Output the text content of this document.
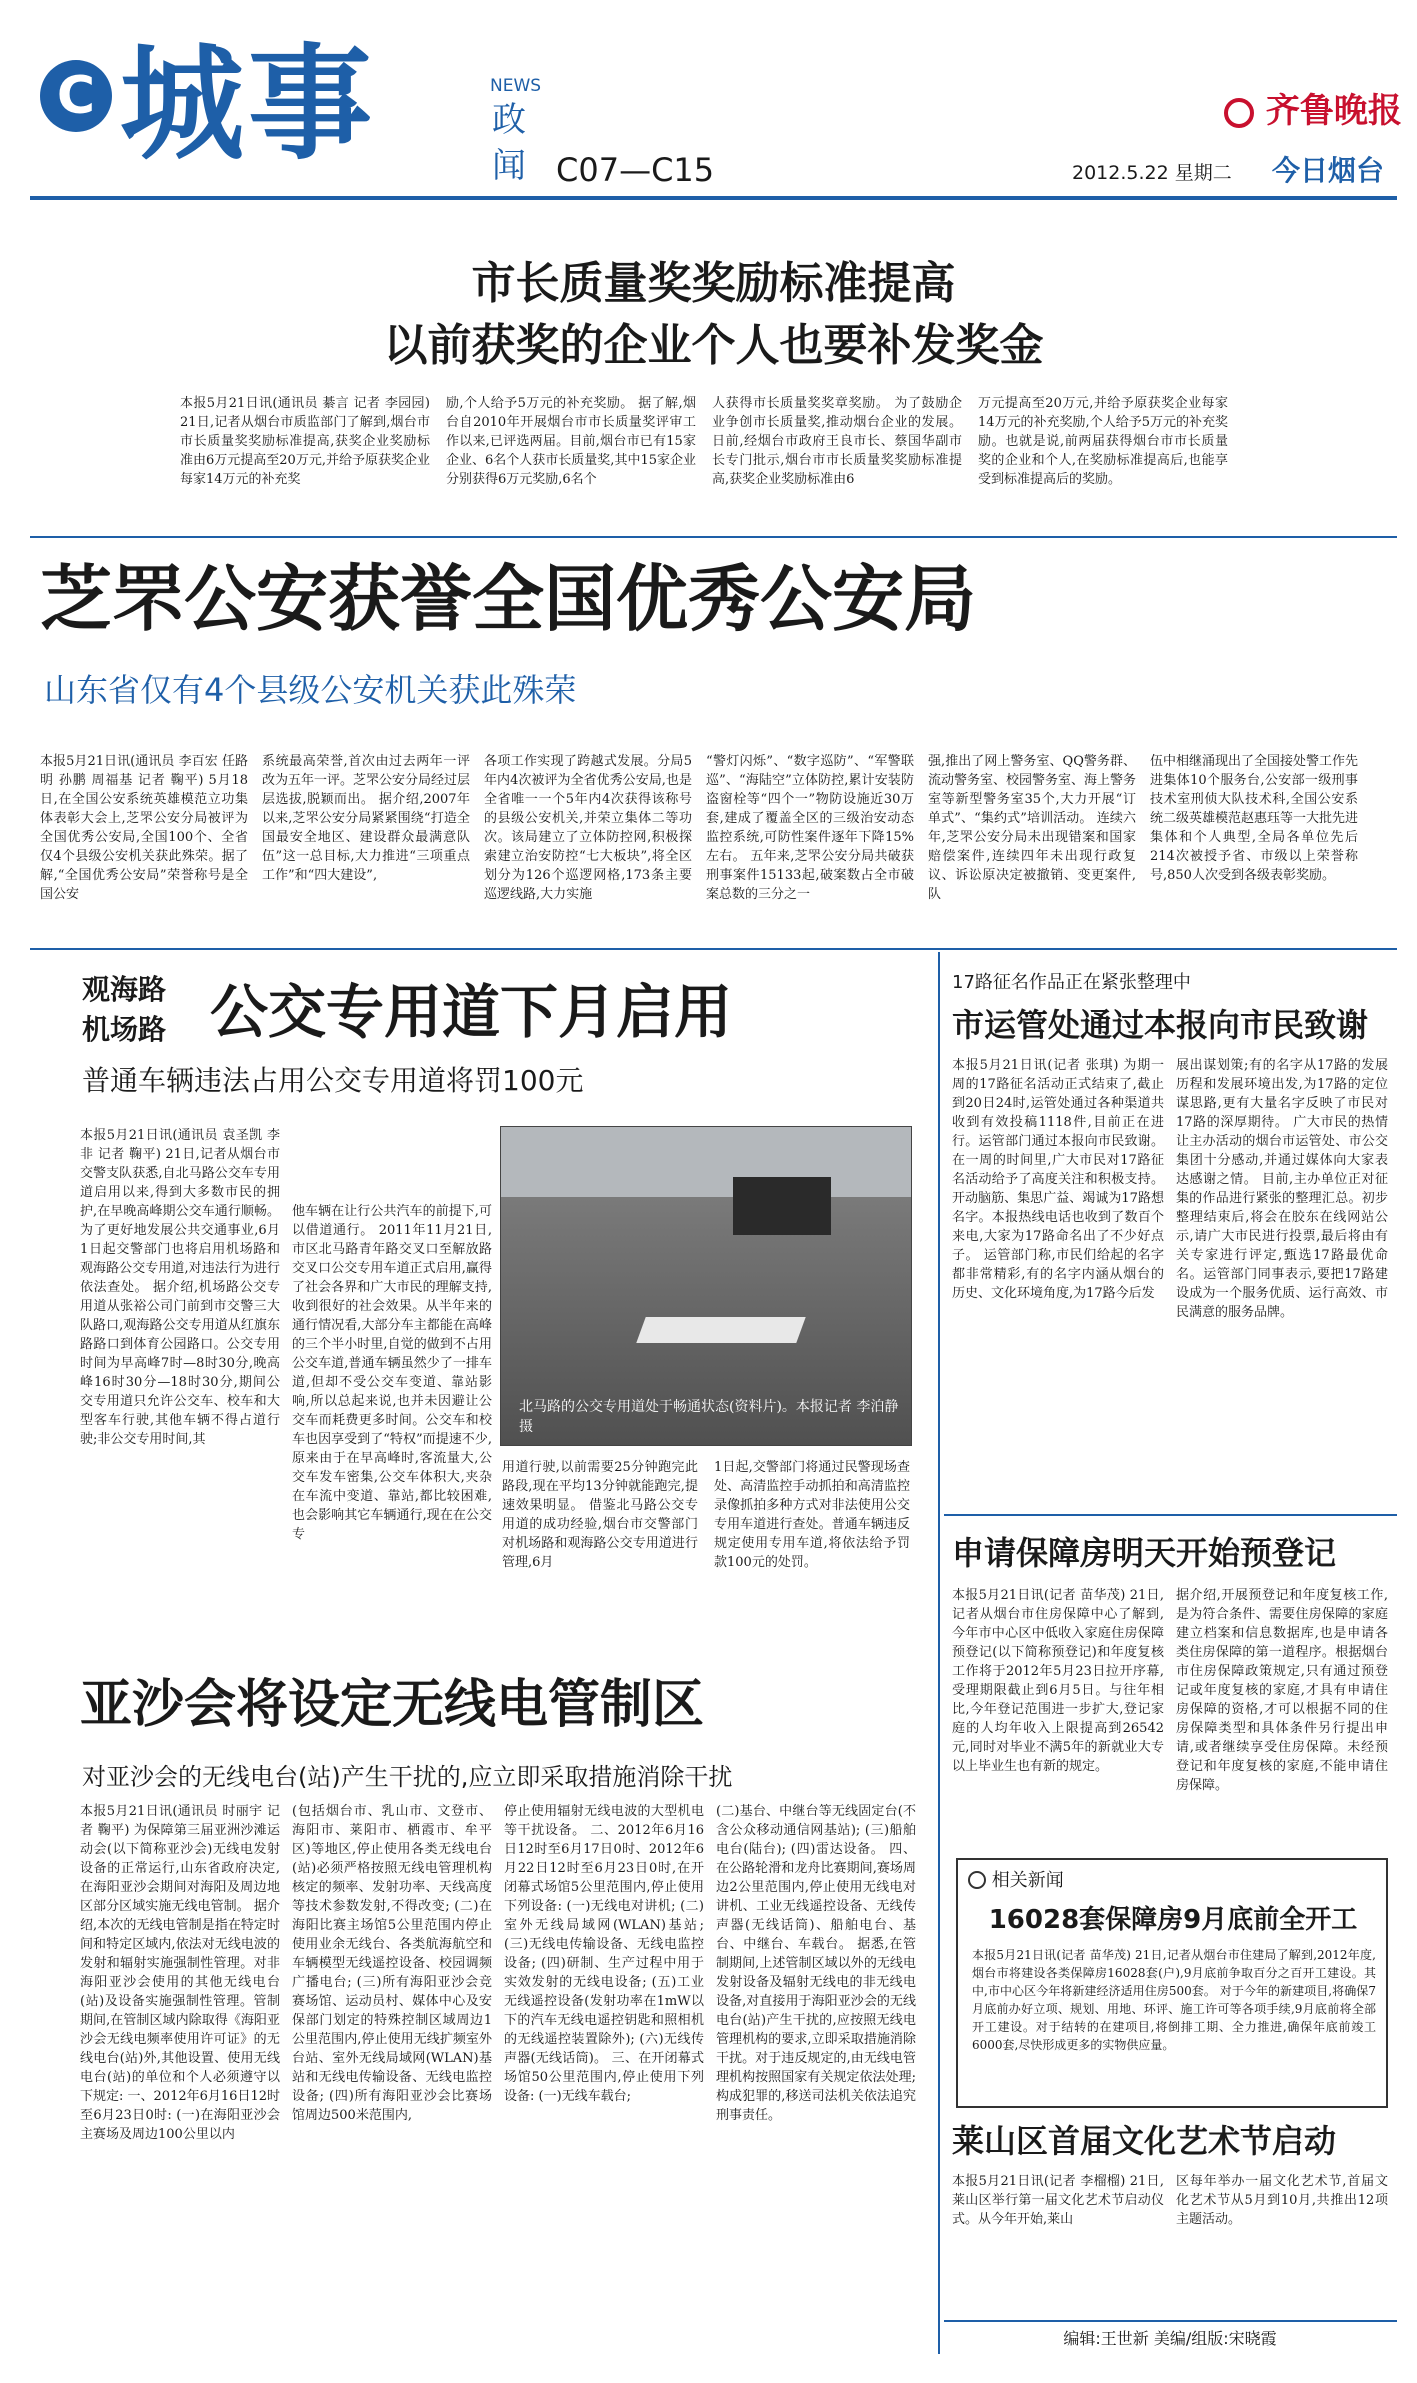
C 城事	NEWS
政
闻 C07—C15
齐鲁晚报
2012.5.22 星期二	今日烟台
市长质量奖奖励标准提高
以前获奖的企业个人也要补发奖金
本报5月21日讯(通讯员 綦言 记者 李园园) 21日,记者从烟台市质监部门了解到,烟台市市长质量奖奖励标准提高,获奖企业奖励标准由6万元提高至20万元,并给予原获奖企业每家14万元的补充奖
励,个人给予5万元的补充奖励。 据了解,烟台自2010年开展烟台市市长质量奖评审工作以来,已评选两届。目前,烟台市已有15家企业、6名个人获市长质量奖,其中15家企业分别获得6万元奖励,6名个
人获得市长质量奖奖章奖励。 为了鼓励企业争创市长质量奖,推动烟台企业的发展。日前,经烟台市政府王良市长、蔡国华副市长专门批示,烟台市市长质量奖奖励标准提高,获奖企业奖励标准由6
万元提高至20万元,并给予原获奖企业每家14万元的补充奖励,个人给予5万元的补充奖励。也就是说,前两届获得烟台市市长质量奖的企业和个人,在奖励标准提高后,也能享受到标准提高后的奖励。
芝罘公安获誉全国优秀公安局
山东省仅有4个县级公安机关获此殊荣
本报5月21日讯(通讯员 李百宏 任路明 孙鹏 周福基 记者 鞠平) 5月18日,在全国公安系统英雄模范立功集体表彰大会上,芝罘公安分局被评为全国优秀公安局,全国100个、全省仅4个县级公安机关获此殊荣。据了解,“全国优秀公安局”荣誉称号是全国公安
系统最高荣誉,首次由过去两年一评改为五年一评。芝罘公安分局经过层层选拔,脱颖而出。 据介绍,2007年以来,芝罘公安分局紧紧围绕“打造全国最安全地区、建设群众最满意队伍”这一总目标,大力推进“三项重点工作”和“四大建设”,
各项工作实现了跨越式发展。分局5年内4次被评为全省优秀公安局,也是全省唯一一个5年内4次获得该称号的县级公安机关,并荣立集体二等功次。该局建立了立体防控网,积极探索建立治安防控“七大板块”,将全区划分为126个巡逻网格,173条主要巡逻线路,大力实施
“警灯闪烁”、“数字巡防”、“军警联巡”、“海陆空”立体防控,累计安装防盗窗栓等“四个一”物防设施近30万套,建成了覆盖全区的三级治安动态监控系统,可防性案件逐年下降15%左右。 五年来,芝罘公安分局共破获刑事案件15133起,破案数占全市破案总数的三分之一
强,推出了网上警务室、QQ警务群、流动警务室、校园警务室、海上警务室等新型警务室35个,大力开展“订单式”、“集约式”培训活动。 连续六年,芝罘公安分局未出现错案和国家赔偿案件,连续四年未出现行政复议、诉讼原决定被撤销、变更案件,队
伍中相继涌现出了全国接处警工作先进集体10个服务台,公安部一级刑事技术室刑侦大队技术科,全国公安系统二级英雄模范赵惠珏等一大批先进集体和个人典型,全局各单位先后214次被授予省、市级以上荣誉称号,850人次受到各级表彰奖励。
观海路
机场路 公交专用道下月启用
普通车辆违法占用公交专用道将罚100元
本报5月21日讯(通讯员 袁圣凯 李非 记者 鞠平) 21日,记者从烟台市交警支队获悉,自北马路公交车专用道启用以来,得到大多数市民的拥护,在早晚高峰期公交车通行顺畅。为了更好地发展公共交通事业,6月1日起交警部门也将启用机场路和观海路公交专用道,对违法行为进行依法查处。 据介绍,机场路公交专用道从张裕公司门前到市交警三大队路口,观海路公交专用道从红旗东路路口到体育公园路口。公交专用时间为早高峰7时—8时30分,晚高峰16时30分—18时30分,期间公交专用道只允许公交车、校车和大型客车行驶,其他车辆不得占道行驶;非公交专用时间,其
他车辆在让行公共汽车的前提下,可以借道通行。 2011年11月21日,市区北马路青年路交叉口至解放路交叉口公交专用车道正式启用,赢得了社会各界和广大市民的理解支持,收到很好的社会效果。从半年来的通行情况看,大部分车主都能在高峰的三个半小时里,自觉的做到不占用公交车道,普通车辆虽然少了一排车道,但却不受公交车变道、靠站影响,所以总起来说,也并未因避让公交车而耗费更多时间。公交车和校车也因享受到了“特权”而提速不少,原来由于在早高峰时,客流量大,公交车发车密集,公交车体积大,夹杂在车流中变道、靠站,都比较困难,也会影响其它车辆通行,现在在公交专
北马路的公交专用道处于畅通状态(资料片)。本报记者 李泊静 摄
用道行驶,以前需要25分钟跑完此路段,现在平均13分钟就能跑完,提速效果明显。 借鉴北马路公交专用道的成功经验,烟台市交警部门对机场路和观海路公交专用道进行管理,6月
1日起,交警部门将通过民警现场查处、高清监控手动抓拍和高清监控录像抓拍多种方式对非法使用公交专用车道进行查处。普通车辆违反规定使用专用车道,将依法给予罚款100元的处罚。
亚沙会将设定无线电管制区
对亚沙会的无线电台(站)产生干扰的,应立即采取措施消除干扰
本报5月21日讯(通讯员 时丽宇 记者 鞠平) 为保障第三届亚洲沙滩运动会(以下简称亚沙会)无线电发射设备的正常运行,山东省政府决定,在海阳亚沙会期间对海阳及周边地区部分区域实施无线电管制。 据介绍,本次的无线电管制是指在特定时间和特定区域内,依法对无线电波的发射和辐射实施强制性管理。对非海阳亚沙会使用的其他无线电台(站)及设备实施强制性管理。管制期间,在管制区域内除取得《海阳亚沙会无线电频率使用许可证》的无线电台(站)外,其他设置、使用无线电台(站)的单位和个人必须遵守以下规定: 一、2012年6月16日12时至6月23日0时: (一)在海阳亚沙会主赛场及周边100公里以内
(包括烟台市、乳山市、文登市、海阳市、莱阳市、栖霞市、牟平区)等地区,停止使用各类无线电台(站)必须严格按照无线电管理机构核定的频率、发射功率、天线高度等技术参数发射,不得改变; (二)在海阳比赛主场馆5公里范围内停止使用业余无线台、各类航海航空和车辆模型无线遥控设备、校园调频广播电台; (三)所有海阳亚沙会竞赛场馆、运动员村、媒体中心及安保部门划定的特殊控制区域周边1公里范围内,停止使用无线扩频室外台站、室外无线局域网(WLAN)基站和无线电传输设备、无线电监控设备; (四)所有海阳亚沙会比赛场馆周边500米范围内,
停止使用辐射无线电波的大型机电等干扰设备。 二、2012年6月16日12时至6月17日0时、2012年6月22日12时至6月23日0时,在开闭幕式场馆5公里范围内,停止使用下列设备: (一)无线电对讲机; (二)室外无线局域网(WLAN)基站; (三)无线电传输设备、无线电监控设备; (四)研制、生产过程中用于实效发射的无线电设备; (五)工业无线遥控设备(发射功率在1mW以下的汽车无线电遥控钥匙和照相机的无线遥控装置除外); (六)无线传声器(无线话筒)。 三、在开闭幕式场馆50公里范围内,停止使用下列设备: (一)无线车载台;
(二)基台、中继台等无线固定台(不含公众移动通信网基站); (三)船舶电台(陆台); (四)雷达设备。 四、在公路轮滑和龙舟比赛期间,赛场周边2公里范围内,停止使用无线电对讲机、工业无线遥控设备、无线传声器(无线话筒)、船舶电台、基台、中继台、车载台。 据悉,在管制期间,上述管制区域以外的无线电发射设备及辐射无线电的非无线电设备,对直接用于海阳亚沙会的无线电台(站)产生干扰的,应按照无线电管理机构的要求,立即采取措施消除干扰。对于违反规定的,由无线电管理机构按照国家有关规定依法处理;构成犯罪的,移送司法机关依法追究刑事责任。
17路征名作品正在紧张整理中
市运管处通过本报向市民致谢
本报5月21日讯(记者 张琪) 为期一周的17路征名活动正式结束了,截止到20日24时,运管处通过各种渠道共收到有效投稿1118件,目前正在进行。运管部门通过本报向市民致谢。 在一周的时间里,广大市民对17路征名活动给予了高度关注和积极支持。开动脑筋、集思广益、竭诚为17路想名字。本报热线电话也收到了数百个来电,大家为17路命名出了不少好点子。 运管部门称,市民们给起的名字都非常精彩,有的名字内涵从烟台的历史、文化环境角度,为17路今后发
展出谋划策;有的名字从17路的发展历程和发展环境出发,为17路的定位谋思路,更有大量名字反映了市民对17路的深厚期待。 广大市民的热情让主办活动的烟台市运管处、市公交集团十分感动,并通过媒体向大家表达感谢之情。 目前,主办单位正对征集的作品进行紧张的整理汇总。初步整理结束后,将会在胶东在线网站公示,请广大市民进行投票,最后将由有关专家进行评定,甄选17路最优命名。运管部门同事表示,要把17路建设成为一个服务优质、运行高效、市民满意的服务品牌。
申请保障房明天开始预登记
本报5月21日讯(记者 苗华茂) 21日,记者从烟台市住房保障中心了解到,今年市中心区中低收入家庭住房保障预登记(以下简称预登记)和年度复核工作将于2012年5月23日拉开序幕,受理期限截止到6月5日。与往年相比,今年登记范围进一步扩大,登记家庭的人均年收入上限提高到26542元,同时对毕业不满5年的新就业大专以上毕业生也有新的规定。
据介绍,开展预登记和年度复核工作,是为符合条件、需要住房保障的家庭建立档案和信息数据库,也是申请各类住房保障的第一道程序。根据烟台市住房保障政策规定,只有通过预登记或年度复核的家庭,才具有申请住房保障的资格,才可以根据不同的住房保障类型和具体条件另行提出申请,或者继续享受住房保障。未经预登记和年度复核的家庭,不能申请住房保障。
相关新闻
16028套保障房9月底前全开工
本报5月21日讯(记者 苗华茂) 21日,记者从烟台市住建局了解到,2012年度,烟台市将建设各类保障房16028套(户),9月底前争取百分之百开工建设。其中,市中心区今年将新建经济适用住房500套。 对于今年的新建项目,将确保7月底前办好立项、规划、用地、环评、施工许可等各项手续,9月底前将全部开工建设。对于结转的在建项目,将倒排工期、全力推进,确保年底前竣工6000套,尽快形成更多的实物供应量。
莱山区首届文化艺术节启动
本报5月21日讯(记者 李榴榴) 21日,莱山区举行第一届文化艺术节启动仪式。从今年开始,莱山
区每年举办一届文化艺术节,首届文化艺术节从5月到10月,共推出12项主题活动。
编辑:王世新 美编/组版:宋晓霞
